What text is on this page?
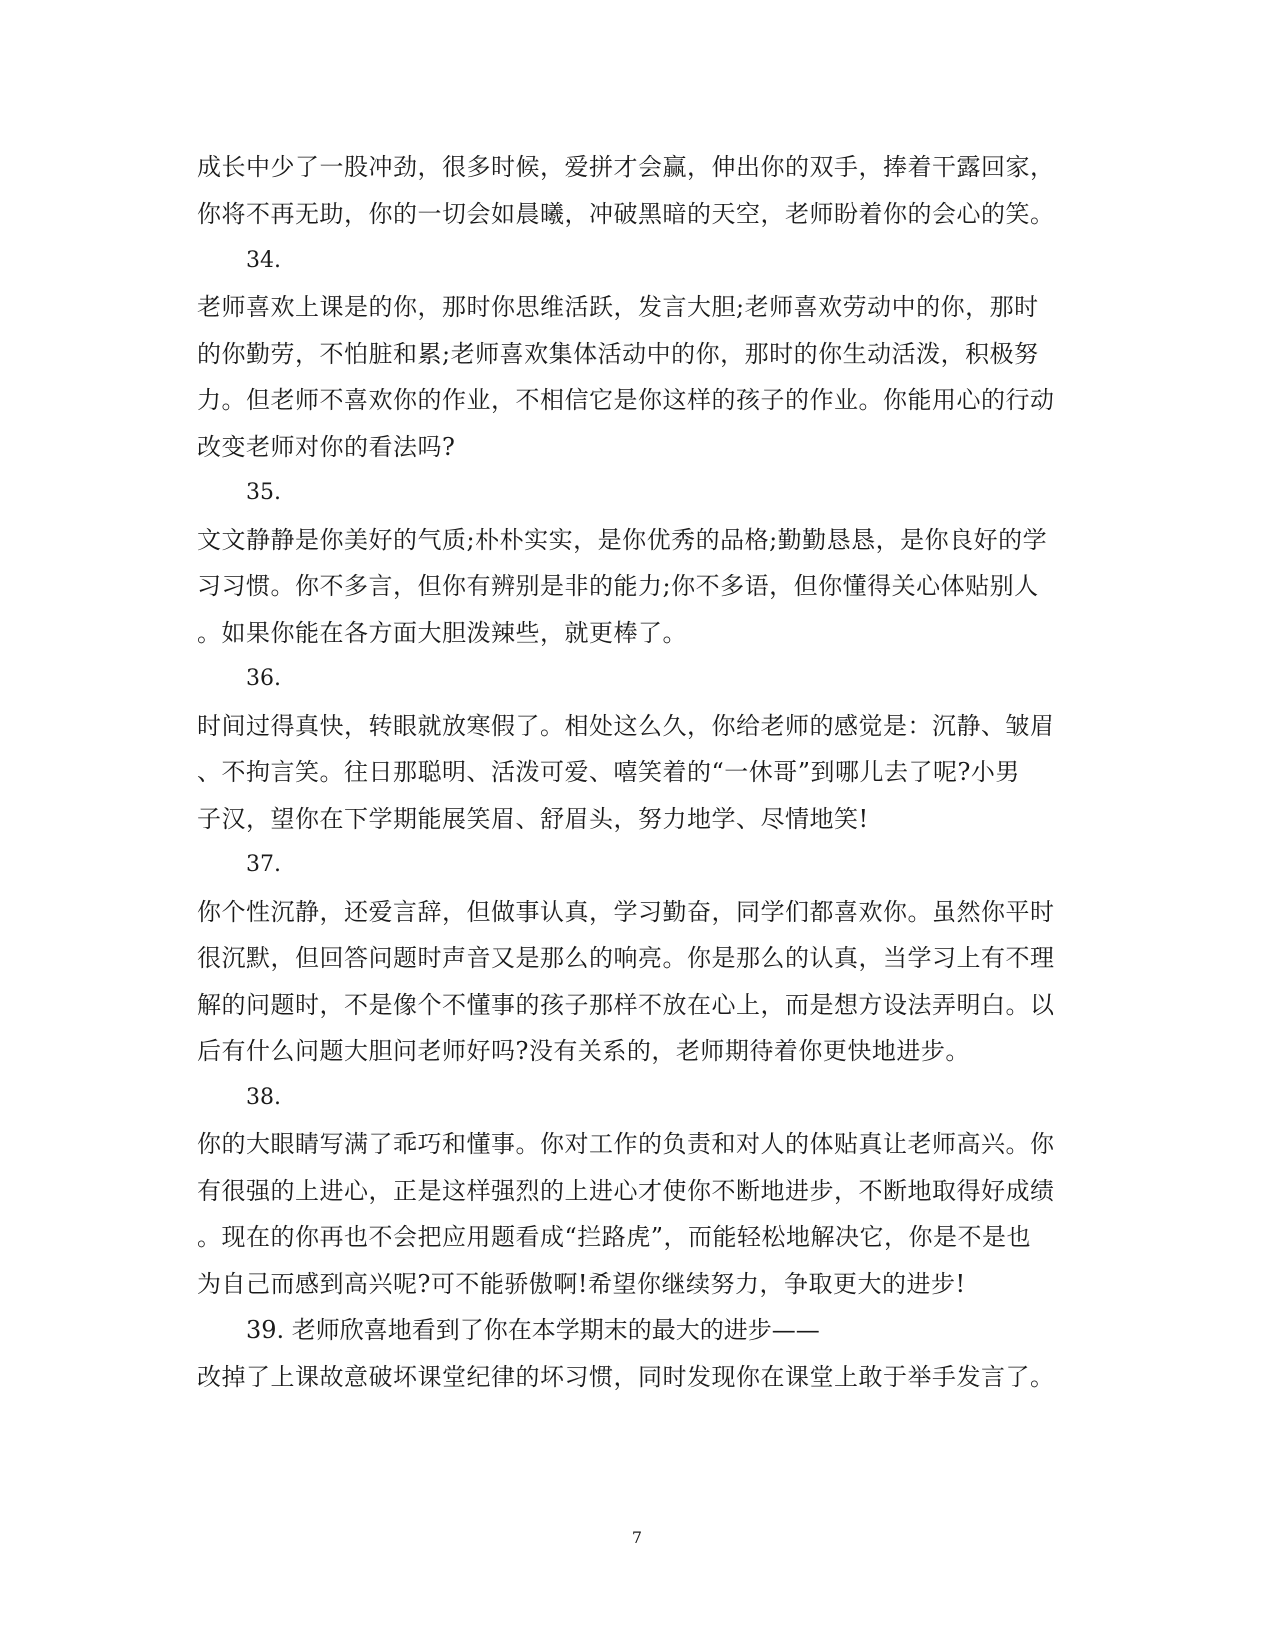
成长中少了一股冲劲，很多时候，爱拼才会赢，伸出你的双手，捧着干露回家，
你将不再无助，你的一切会如晨曦，冲破黑暗的天空，老师盼着你的会心的笑。
34.
老师喜欢上课是的你，那时你思维活跃，发言大胆;老师喜欢劳动中的你，那时
的你勤劳，不怕脏和累;老师喜欢集体活动中的你，那时的你生动活泼，积极努
力。但老师不喜欢你的作业，不相信它是你这样的孩子的作业。你能用心的行动
改变老师对你的看法吗?
35.
文文静静是你美好的气质;朴朴实实，是你优秀的品格;勤勤恳恳，是你良好的学
习习惯。你不多言，但你有辨别是非的能力;你不多语，但你懂得关心体贴别人
。如果你能在各方面大胆泼辣些，就更棒了。
36.
时间过得真快，转眼就放寒假了。相处这么久，你给老师的感觉是：沉静、皱眉
、不拘言笑。往日那聪明、活泼可爱、嘻笑着的“一休哥”到哪儿去了呢?小男
子汉，望你在下学期能展笑眉、舒眉头，努力地学、尽情地笑!
37.
你个性沉静，还爱言辞，但做事认真，学习勤奋，同学们都喜欢你。虽然你平时
很沉默，但回答问题时声音又是那么的响亮。你是那么的认真，当学习上有不理
解的问题时，不是像个不懂事的孩子那样不放在心上，而是想方设法弄明白。以
后有什么问题大胆问老师好吗?没有关系的，老师期待着你更快地进步。
38.
你的大眼睛写满了乖巧和懂事。你对工作的负责和对人的体贴真让老师高兴。你
有很强的上进心，正是这样强烈的上进心才使你不断地进步，不断地取得好成绩
。现在的你再也不会把应用题看成“拦路虎”，而能轻松地解决它，你是不是也
为自己而感到高兴呢?可不能骄傲啊!希望你继续努力，争取更大的进步!
39. 老师欣喜地看到了你在本学期末的最大的进步——
改掉了上课故意破坏课堂纪律的坏习惯，同时发现你在课堂上敢于举手发言了。
7
